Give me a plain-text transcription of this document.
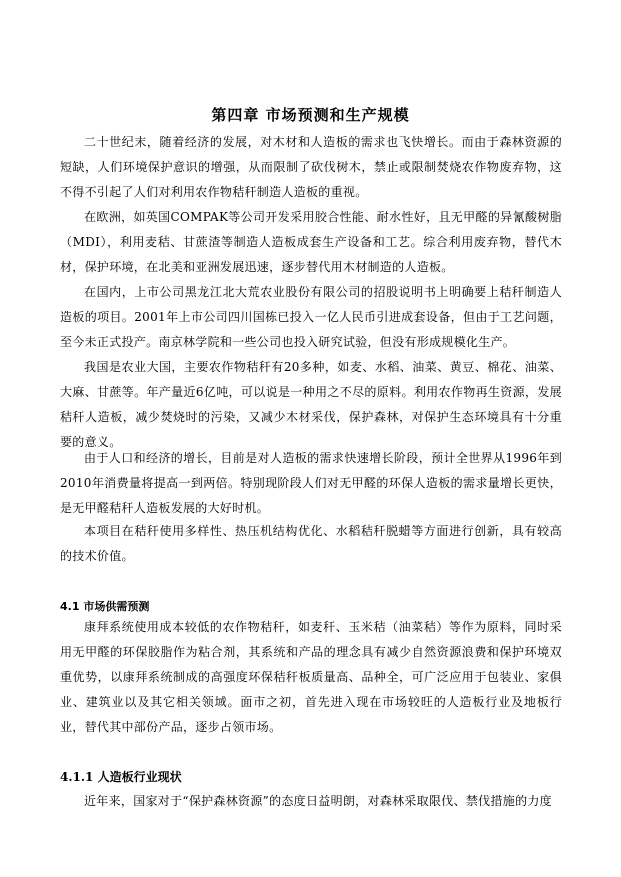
第四章 市场预测和生产规模

二十世纪末，随着经济的发展，对木材和人造板的需求也飞快增长。而由于森林资源的短缺，人们环境保护意识的增强，从而限制了砍伐树木，禁止或限制焚烧农作物废弃物，这不得不引起了人们对利用农作物秸秆制造人造板的重视。

在欧洲，如英国COMPAK等公司开发采用胶合性能、耐水性好，且无甲醛的异氰酸树脂（MDI），利用麦秸、甘蔗渣等制造人造板成套生产设备和工艺。综合利用废弃物，替代木材，保护环境，在北美和亚洲发展迅速，逐步替代用木材制造的人造板。

在国内，上市公司黑龙江北大荒农业股份有限公司的招股说明书上明确要上秸秆制造人造板的项目。2001年上市公司四川国栋已投入一亿人民币引进成套设备，但由于工艺问题，至今未正式投产。南京林学院和一些公司也投入研究试验，但没有形成规模化生产。

我国是农业大国，主要农作物秸秆有20多种，如麦、水稻、油菜、黄豆、棉花、油菜、大麻、甘蔗等。年产量近6亿吨，可以说是一种用之不尽的原料。利用农作物再生资源，发展秸秆人造板，减少焚烧时的污染，又减少木材采伐，保护森林，对保护生态环境具有十分重要的意义。

由于人口和经济的增长，目前是对人造板的需求快速增长阶段，预计全世界从1996年到2010年消费量将提高一到两倍。特别现阶段人们对无甲醛的环保人造板的需求量增长更快，是无甲醛秸秆人造板发展的大好时机。

本项目在秸秆使用多样性、热压机结构优化、水稻秸秆脱蜡等方面进行创新，具有较高的技术价值。

4.1 市场供需预测

康拜系统使用成本较低的农作物秸秆，如麦秆、玉米秸（油菜秸）等作为原料，同时采用无甲醛的环保胶脂作为粘合剂，其系统和产品的理念具有减少自然资源浪费和保护环境双重优势，以康拜系统制成的高强度环保秸秆板质量高、品种全，可广泛应用于包装业、家俱业、建筑业以及其它相关领域。面市之初，首先进入现在市场较旺的人造板行业及地板行业，替代其中部份产品，逐步占领市场。

4.1.1 人造板行业现状

近年来，国家对于“保护森林资源”的态度日益明朗，对森林采取限伐、禁伐措施的力度
